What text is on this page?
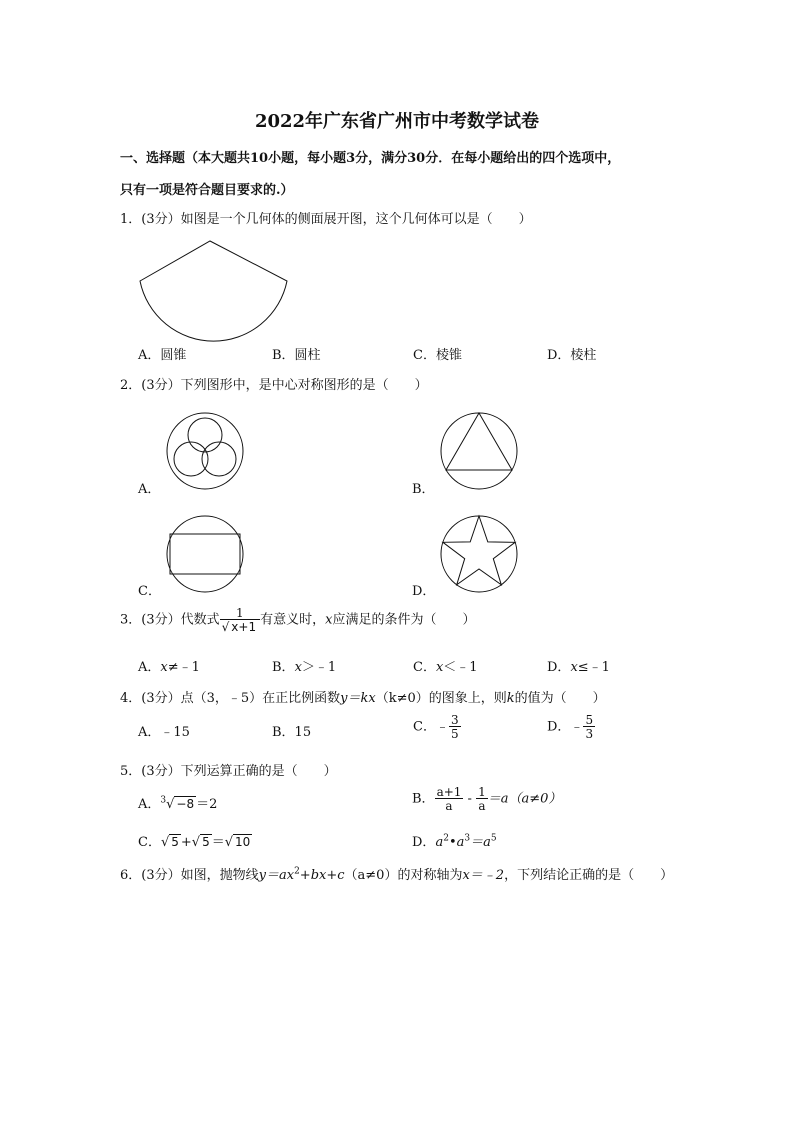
2022年广东省广州市中考数学试卷
一、选择题（本大题共10小题，每小题3分，满分30分．在每小题给出的四个选项中，
只有一项是符合题目要求的.）
1．(3分）如图是一个几何体的侧面展开图，这个几何体可以是（　　）
A．圆锥	B．圆柱	C．棱锥	D．棱柱
2．(3分）下列图形中，是中心对称图形的是（　　）
A．	B．
C．	D．
3．(3分）代数式 $\frac{1}{√ x+1}$ 有意义时，x应满足的条件为（　　）
A．x≠﹣1	B．x＞﹣1	C．x＜﹣1	D．x≤﹣1
4．(3分）点（3，﹣5）在正比例函数y＝kx（k≠0）的图象上，则k的值为（　　）
A．﹣15	B．15	C．﹣ $\frac{3}{5}$	D．﹣ $\frac{5}{3}$
5．(3分）下列运算正确的是（　　）
A．$^3$√ −8 ＝2	B． $\frac{a+1}{a} - \frac{1}{a} =a(a\ne 0)$
C．√ 5 +√ 5 ＝√ 10	D．$a^2•a^3=a^5$
6．(3分）如图，抛物线$y=ax^2+bx+c(a\ne 0)$的对称轴为x＝﹣2，下列结论正确的是（　　）
